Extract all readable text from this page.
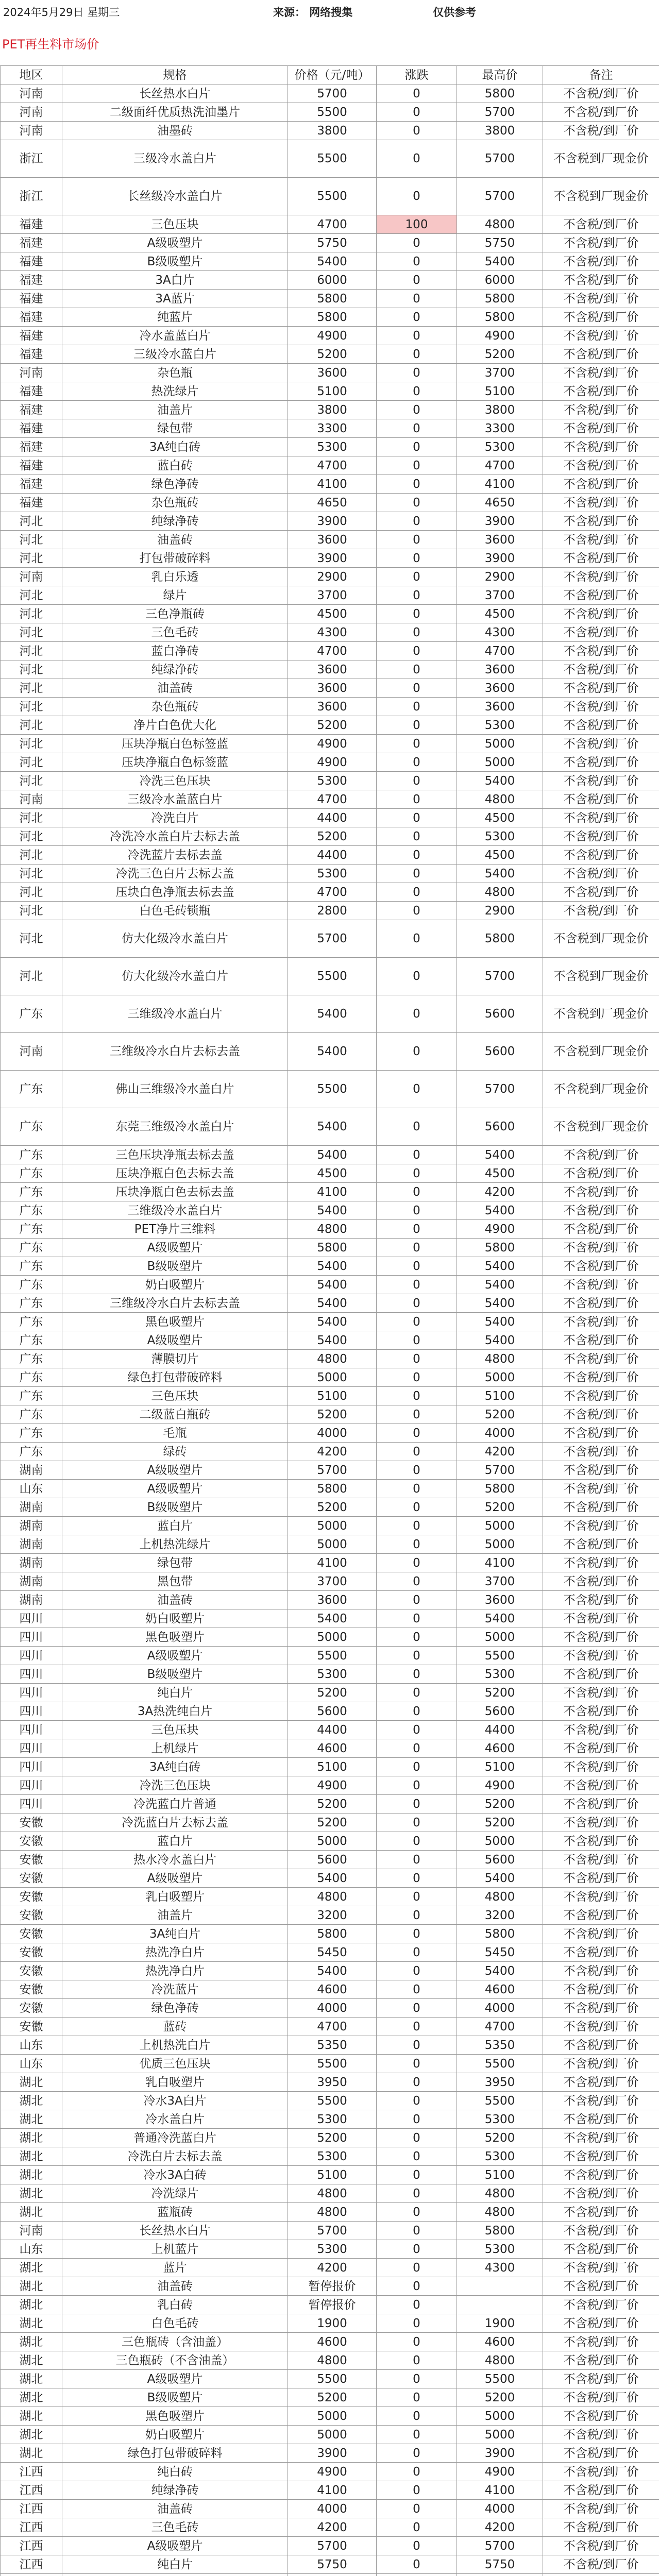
2024年5月29日 星期三	来源： 网络搜集	仅供参考
PET再生料市场价
地区	规格	价格（元/吨）	涨跌	最高价	备注
河南	长丝热水白片	5700	0	5800	不含税/到厂价
河南	二级面纤优质热洗油墨片	5500	0	5700	不含税/到厂价
河南	油墨砖	3800	0	3800	不含税/到厂价
浙江	三级冷水盖白片	5500	0	5700	不含税到厂现金价
浙江	长丝级冷水盖白片	5500	0	5700	不含税到厂现金价
福建	三色压块	4700	100	4800	不含税/到厂价
福建	A级吸塑片	5750	0	5750	不含税/到厂价
福建	B级吸塑片	5400	0	5400	不含税/到厂价
福建	3A白片	6000	0	6000	不含税/到厂价
福建	3A蓝片	5800	0	5800	不含税/到厂价
福建	纯蓝片	5800	0	5800	不含税/到厂价
福建	冷水盖蓝白片	4900	0	4900	不含税/到厂价
福建	三级冷水蓝白片	5200	0	5200	不含税/到厂价
河南	杂色瓶	3600	0	3700	不含税/到厂价
福建	热洗绿片	5100	0	5100	不含税/到厂价
福建	油盖片	3800	0	3800	不含税/到厂价
福建	绿包带	3300	0	3300	不含税/到厂价
福建	3A纯白砖	5300	0	5300	不含税/到厂价
福建	蓝白砖	4700	0	4700	不含税/到厂价
福建	绿色净砖	4100	0	4100	不含税/到厂价
福建	杂色瓶砖	4650	0	4650	不含税/到厂价
河北	纯绿净砖	3900	0	3900	不含税/到厂价
河北	油盖砖	3600	0	3600	不含税/到厂价
河北	打包带破碎料	3900	0	3900	不含税/到厂价
河南	乳白乐透	2900	0	2900	不含税/到厂价
河北	绿片	3700	0	3700	不含税/到厂价
河北	三色净瓶砖	4500	0	4500	不含税/到厂价
河北	三色毛砖	4300	0	4300	不含税/到厂价
河北	蓝白净砖	4700	0	4700	不含税/到厂价
河北	纯绿净砖	3600	0	3600	不含税/到厂价
河北	油盖砖	3600	0	3600	不含税/到厂价
河北	杂色瓶砖	3600	0	3600	不含税/到厂价
河北	净片白色优大化	5200	0	5300	不含税/到厂价
河北	压块净瓶白色标签蓝	4900	0	5000	不含税/到厂价
河北	压块净瓶白色标签蓝	4900	0	5000	不含税/到厂价
河北	冷洗三色压块	5300	0	5400	不含税/到厂价
河南	三级冷水盖蓝白片	4700	0	4800	不含税/到厂价
河北	冷洗白片	4400	0	4500	不含税/到厂价
河北	冷洗冷水盖白片去标去盖	5200	0	5300	不含税/到厂价
河北	冷洗蓝片去标去盖	4400	0	4500	不含税/到厂价
河北	冷洗三色白片去标去盖	5300	0	5400	不含税/到厂价
河北	压块白色净瓶去标去盖	4700	0	4800	不含税/到厂价
河北	白色毛砖锁瓶	2800	0	2900	不含税/到厂价
河北	仿大化级冷水盖白片	5700	0	5800	不含税到厂现金价
河北	仿大化级冷水盖白片	5500	0	5700	不含税到厂现金价
广东	三维级冷水盖白片	5400	0	5600	不含税到厂现金价
河南	三维级冷水白片去标去盖	5400	0	5600	不含税到厂现金价
广东	佛山三维级冷水盖白片	5500	0	5700	不含税到厂现金价
广东	东莞三维级冷水盖白片	5400	0	5600	不含税到厂现金价
广东	三色压块净瓶去标去盖	5400	0	5400	不含税/到厂价
广东	压块净瓶白色去标去盖	4500	0	4500	不含税/到厂价
广东	压块净瓶白色去标去盖	4100	0	4200	不含税/到厂价
广东	三维级冷水盖白片	5400	0	5400	不含税/到厂价
广东	PET净片三维料	4800	0	4900	不含税/到厂价
广东	A级吸塑片	5800	0	5800	不含税/到厂价
广东	B级吸塑片	5400	0	5400	不含税/到厂价
广东	奶白吸塑片	5400	0	5400	不含税/到厂价
广东	三维级冷水白片去标去盖	5400	0	5400	不含税/到厂价
广东	黑色吸塑片	5400	0	5400	不含税/到厂价
广东	A级吸塑片	5400	0	5400	不含税/到厂价
广东	薄膜切片	4800	0	4800	不含税/到厂价
广东	绿色打包带破碎料	5000	0	5000	不含税/到厂价
广东	三色压块	5100	0	5100	不含税/到厂价
广东	二级蓝白瓶砖	5200	0	5200	不含税/到厂价
广东	毛瓶	4000	0	4000	不含税/到厂价
广东	绿砖	4200	0	4200	不含税/到厂价
湖南	A级吸塑片	5700	0	5700	不含税/到厂价
山东	A级吸塑片	5800	0	5800	不含税/到厂价
湖南	B级吸塑片	5200	0	5200	不含税/到厂价
湖南	蓝白片	5000	0	5000	不含税/到厂价
湖南	上机热洗绿片	5000	0	5000	不含税/到厂价
湖南	绿包带	4100	0	4100	不含税/到厂价
湖南	黑包带	3700	0	3700	不含税/到厂价
湖南	油盖砖	3600	0	3600	不含税/到厂价
四川	奶白吸塑片	5400	0	5400	不含税/到厂价
四川	黑色吸塑片	5000	0	5000	不含税/到厂价
四川	A级吸塑片	5500	0	5500	不含税/到厂价
四川	B级吸塑片	5300	0	5300	不含税/到厂价
四川	纯白片	5200	0	5200	不含税/到厂价
四川	3A热洗纯白片	5600	0	5600	不含税/到厂价
四川	三色压块	4400	0	4400	不含税/到厂价
四川	上机绿片	4600	0	4600	不含税/到厂价
四川	3A纯白砖	5100	0	5100	不含税/到厂价
四川	冷洗三色压块	4900	0	4900	不含税/到厂价
四川	冷洗蓝白片普通	5200	0	5200	不含税/到厂价
安徽	冷洗蓝白片去标去盖	5200	0	5200	不含税/到厂价
安徽	蓝白片	5000	0	5000	不含税/到厂价
安徽	热水冷水盖白片	5600	0	5600	不含税/到厂价
安徽	A级吸塑片	5400	0	5400	不含税/到厂价
安徽	乳白吸塑片	4800	0	4800	不含税/到厂价
安徽	油盖片	3200	0	3200	不含税/到厂价
安徽	3A纯白片	5800	0	5800	不含税/到厂价
安徽	热洗净白片	5450	0	5450	不含税/到厂价
安徽	热洗净白片	5400	0	5400	不含税/到厂价
安徽	冷洗蓝片	4600	0	4600	不含税/到厂价
安徽	绿色净砖	4000	0	4000	不含税/到厂价
安徽	蓝砖	4700	0	4700	不含税/到厂价
山东	上机热洗白片	5350	0	5350	不含税/到厂价
山东	优质三色压块	5500	0	5500	不含税/到厂价
湖北	乳白吸塑片	3950	0	3950	不含税/到厂价
湖北	冷水3A白片	5500	0	5500	不含税/到厂价
湖北	冷水盖白片	5300	0	5300	不含税/到厂价
湖北	普通冷洗蓝白片	5200	0	5200	不含税/到厂价
湖北	冷洗白片去标去盖	5300	0	5300	不含税/到厂价
湖北	冷水3A白砖	5100	0	5100	不含税/到厂价
湖北	冷洗绿片	4800	0	4800	不含税/到厂价
湖北	蓝瓶砖	4800	0	4800	不含税/到厂价
河南	长丝热水白片	5700	0	5800	不含税/到厂价
山东	上机蓝片	5300	0	5300	不含税/到厂价
湖北	蓝片	4200	0	4300	不含税/到厂价
湖北	油盖砖	暂停报价	0		不含税/到厂价
湖北	乳白砖	暂停报价	0		不含税/到厂价
湖北	白色毛砖	1900	0	1900	不含税/到厂价
湖北	三色瓶砖（含油盖）	4600	0	4600	不含税/到厂价
湖北	三色瓶砖（不含油盖）	4800	0	4800	不含税/到厂价
湖北	A级吸塑片	5500	0	5500	不含税/到厂价
湖北	B级吸塑片	5200	0	5200	不含税/到厂价
湖北	黑色吸塑片	5000	0	5000	不含税/到厂价
湖北	奶白吸塑片	5000	0	5000	不含税/到厂价
湖北	绿色打包带破碎料	3900	0	3900	不含税/到厂价
江西	纯白砖	4900	0	4900	不含税/到厂价
江西	纯绿净砖	4100	0	4100	不含税/到厂价
江西	油盖砖	4000	0	4000	不含税/到厂价
江西	三色毛砖	4200	0	4200	不含税/到厂价
江西	A级吸塑片	5700	0	5700	不含税/到厂价
江西	纯白片	5750	0	5750	不含税/到厂价
